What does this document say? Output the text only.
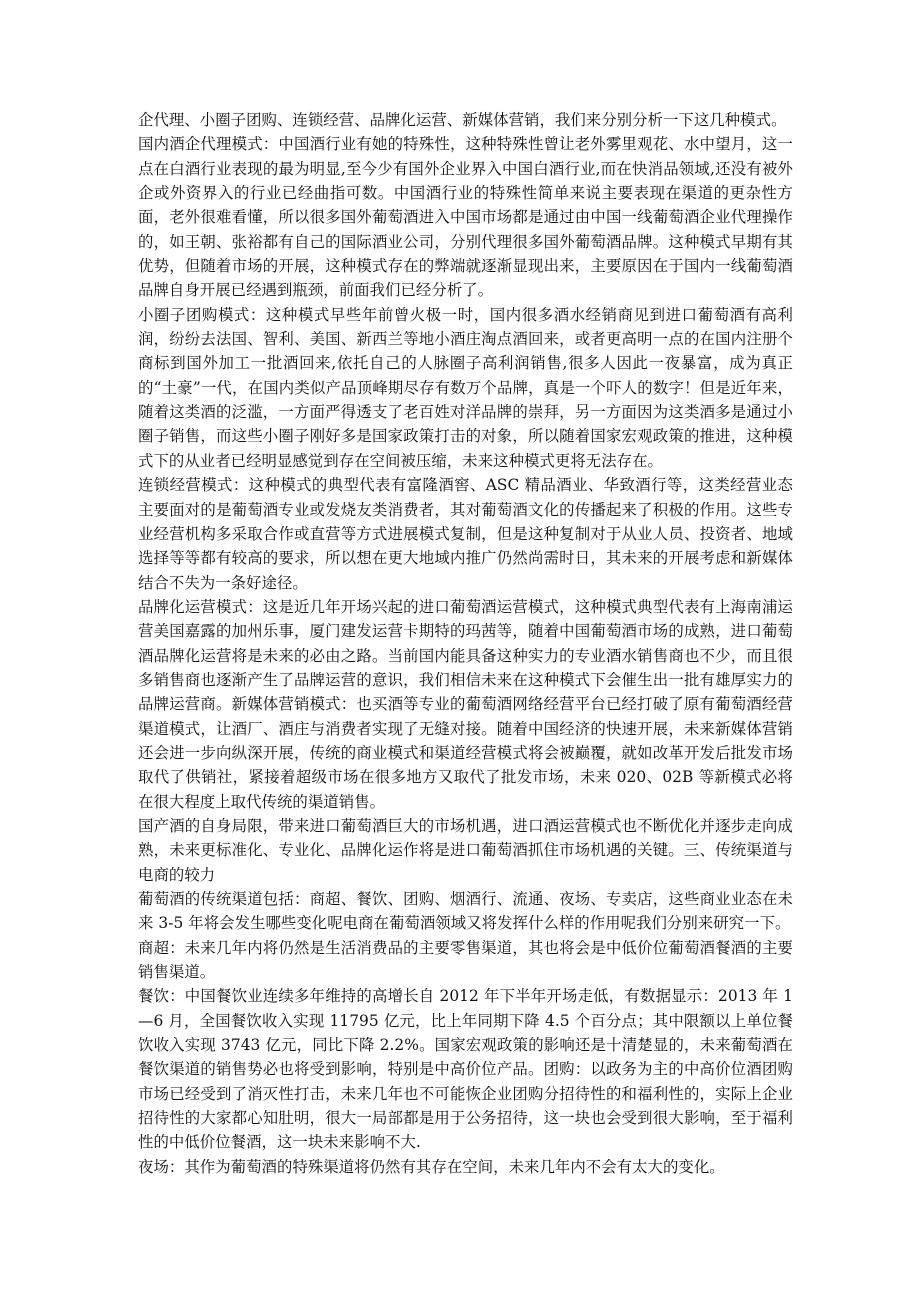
企代理、小圈子团购、连锁经营、品牌化运营、新媒体营销，我们来分别分析一下这几种模式。

国内酒企代理模式：中国酒行业有她的特殊性，这种特殊性曾让老外雾里观花、水中望月，这一点在白酒行业表现的最为明显,至今少有国外企业界入中国白酒行业,而在快消品领域,还没有被外企或外资界入的行业已经曲指可数。中国酒行业的特殊性简单来说主要表现在渠道的更杂性方面，老外很难看懂，所以很多国外葡萄酒进入中国市场都是通过由中国一线葡萄酒企业代理操作的，如王朝、张裕都有自己的国际酒业公司，分别代理很多国外葡萄酒品牌。这种模式早期有其优势，但随着市场的开展，这种模式存在的弊端就逐渐显现出来，主要原因在于国内一线葡萄酒品牌自身开展已经遇到瓶颈，前面我们已经分析了。

小圈子团购模式：这种模式早些年前曾火极一时，国内很多酒水经销商见到进口葡萄酒有高利润，纷纷去法国、智利、美国、新西兰等地小酒庄淘点酒回来，或者更高明一点的在国内注册个商标到国外加工一批酒回来,依托自己的人脉圈子高利润销售,很多人因此一夜暴富，成为真正的“土豪”一代，在国内类似产品顶峰期尽存有数万个品牌，真是一个吓人的数字！但是近年来，随着这类酒的泛滥，一方面严得透支了老百姓对洋品牌的崇拜，另一方面因为这类酒多是通过小圈子销售，而这些小圈子刚好多是国家政策打击的对象，所以随着国家宏观政策的推进，这种模式下的从业者已经明显感觉到存在空间被压缩，未来这种模式更将无法存在。

连锁经营模式：这种模式的典型代表有富隆酒窖、ASC 精品酒业、华致酒行等，这类经营业态主要面对的是葡萄酒专业或发烧友类消费者，其对葡萄酒文化的传播起来了积极的作用。这些专业经营机构多采取合作或直营等方式进展模式复制，但是这种复制对于从业人员、投资者、地域选择等等都有较高的要求，所以想在更大地域内推广仍然尚需时日，其未来的开展考虑和新媒体结合不失为一条好途径。

品牌化运营模式：这是近几年开场兴起的进口葡萄酒运营模式，这种模式典型代表有上海南浦运营美国嘉露的加州乐事，厦门建发运营卡期特的玛茜等，随着中国葡萄酒市场的成熟，进口葡萄酒品牌化运营将是未来的必由之路。当前国内能具备这种实力的专业酒水销售商也不少，而且很多销售商也逐渐产生了品牌运营的意识，我们相信未来在这种模式下会催生出一批有雄厚实力的品牌运营商。新媒体营销模式：也买酒等专业的葡萄酒网络经营平台已经打破了原有葡萄酒经营渠道模式，让酒厂、酒庄与消费者实现了无缝对接。随着中国经济的快速开展，未来新媒体营销还会进一步向纵深开展，传统的商业模式和渠道经营模式将会被巅覆，就如改革开发后批发市场取代了供销社，紧接着超级市场在很多地方又取代了批发市场，未来 020、02B 等新模式必将在很大程度上取代传统的渠道销售。

国产酒的自身局限，带来进口葡萄酒巨大的市场机遇，进口酒运营模式也不断优化并逐步走向成熟，未来更标准化、专业化、品牌化运作将是进口葡萄酒抓住市场机遇的关键。三、传统渠道与电商的较力

葡萄酒的传统渠道包括：商超、餐饮、团购、烟酒行、流通、夜场、专卖店，这些商业业态在未来 3-5 年将会发生哪些变化呢电商在葡萄酒领域又将发挥什么样的作用呢我们分别来研究一下。

商超：未来几年内将仍然是生活消费品的主要零售渠道，其也将会是中低价位葡萄酒餐酒的主要销售渠道。

餐饮：中国餐饮业连续多年维持的高增长自 2012 年下半年开场走低，有数据显示：2013 年 1—6 月，全国餐饮收入实现 11795 亿元，比上年同期下降 4.5 个百分点；其中限额以上单位餐饮收入实现 3743 亿元，同比下降 2.2%。国家宏观政策的影响还是十清楚显的，未来葡萄酒在餐饮渠道的销售势必也将受到影响，特别是中高价位产品。团购：以政务为主的中高价位酒团购市场已经受到了消灭性打击，未来几年也不可能恢企业团购分招待性的和福利性的，实际上企业招待性的大家都心知肚明，很大一局部都是用于公务招待，这一块也会受到很大影响，至于福利性的中低价位餐酒，这一块未来影响不大.

夜场：其作为葡萄酒的特殊渠道将仍然有其存在空间，未来几年内不会有太大的变化。
